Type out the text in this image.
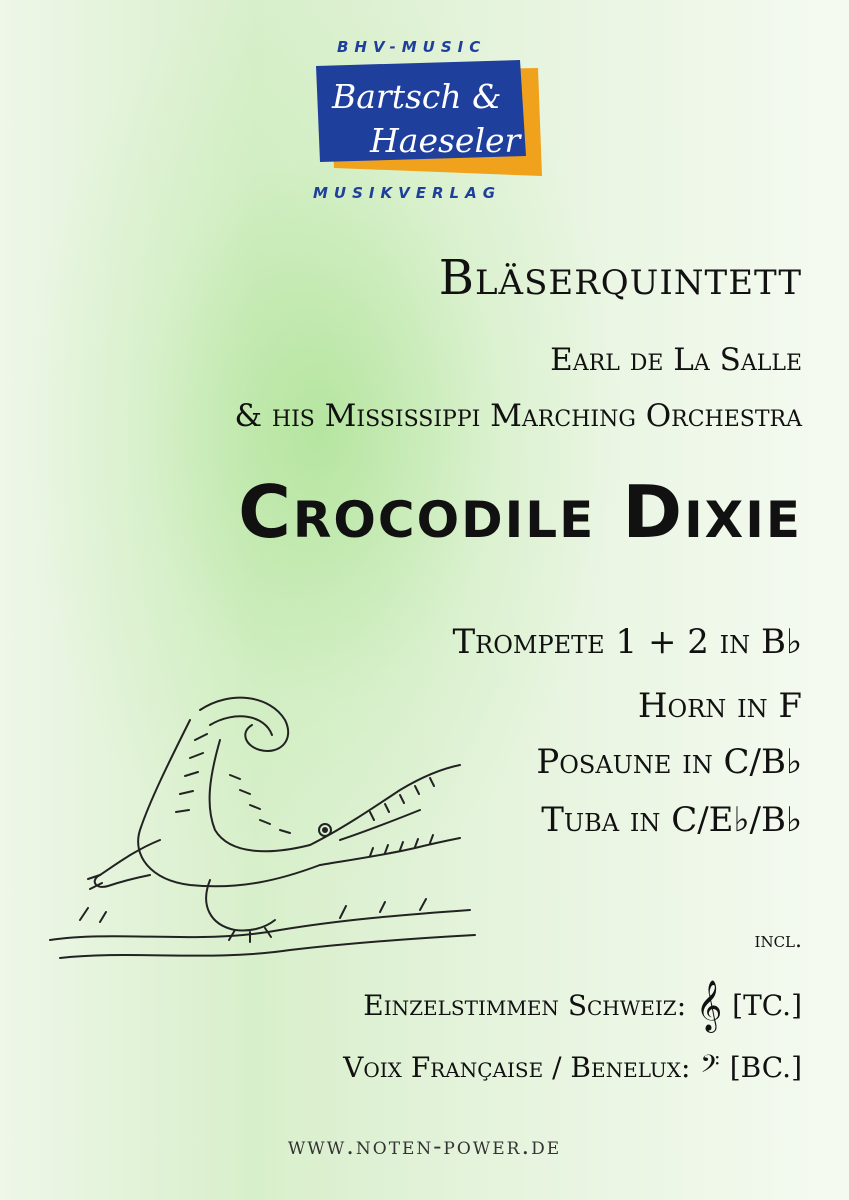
BHV-MUSIC
Bartsch &
Haeseler
MUSIKVERLAG
Bläserquintett
Earl de La Salle
& his Mississippi Marching Orchestra
Crocodile Dixie
Trompete 1 + 2 in B♭
Horn in F
Posaune in C/B♭
Tuba in C/E♭/B♭
incl.
Einzelstimmen Schweiz: 𝄞 [TC.]
Voix Française / Benelux: 𝄢 [BC.]
www.noten-power.de
